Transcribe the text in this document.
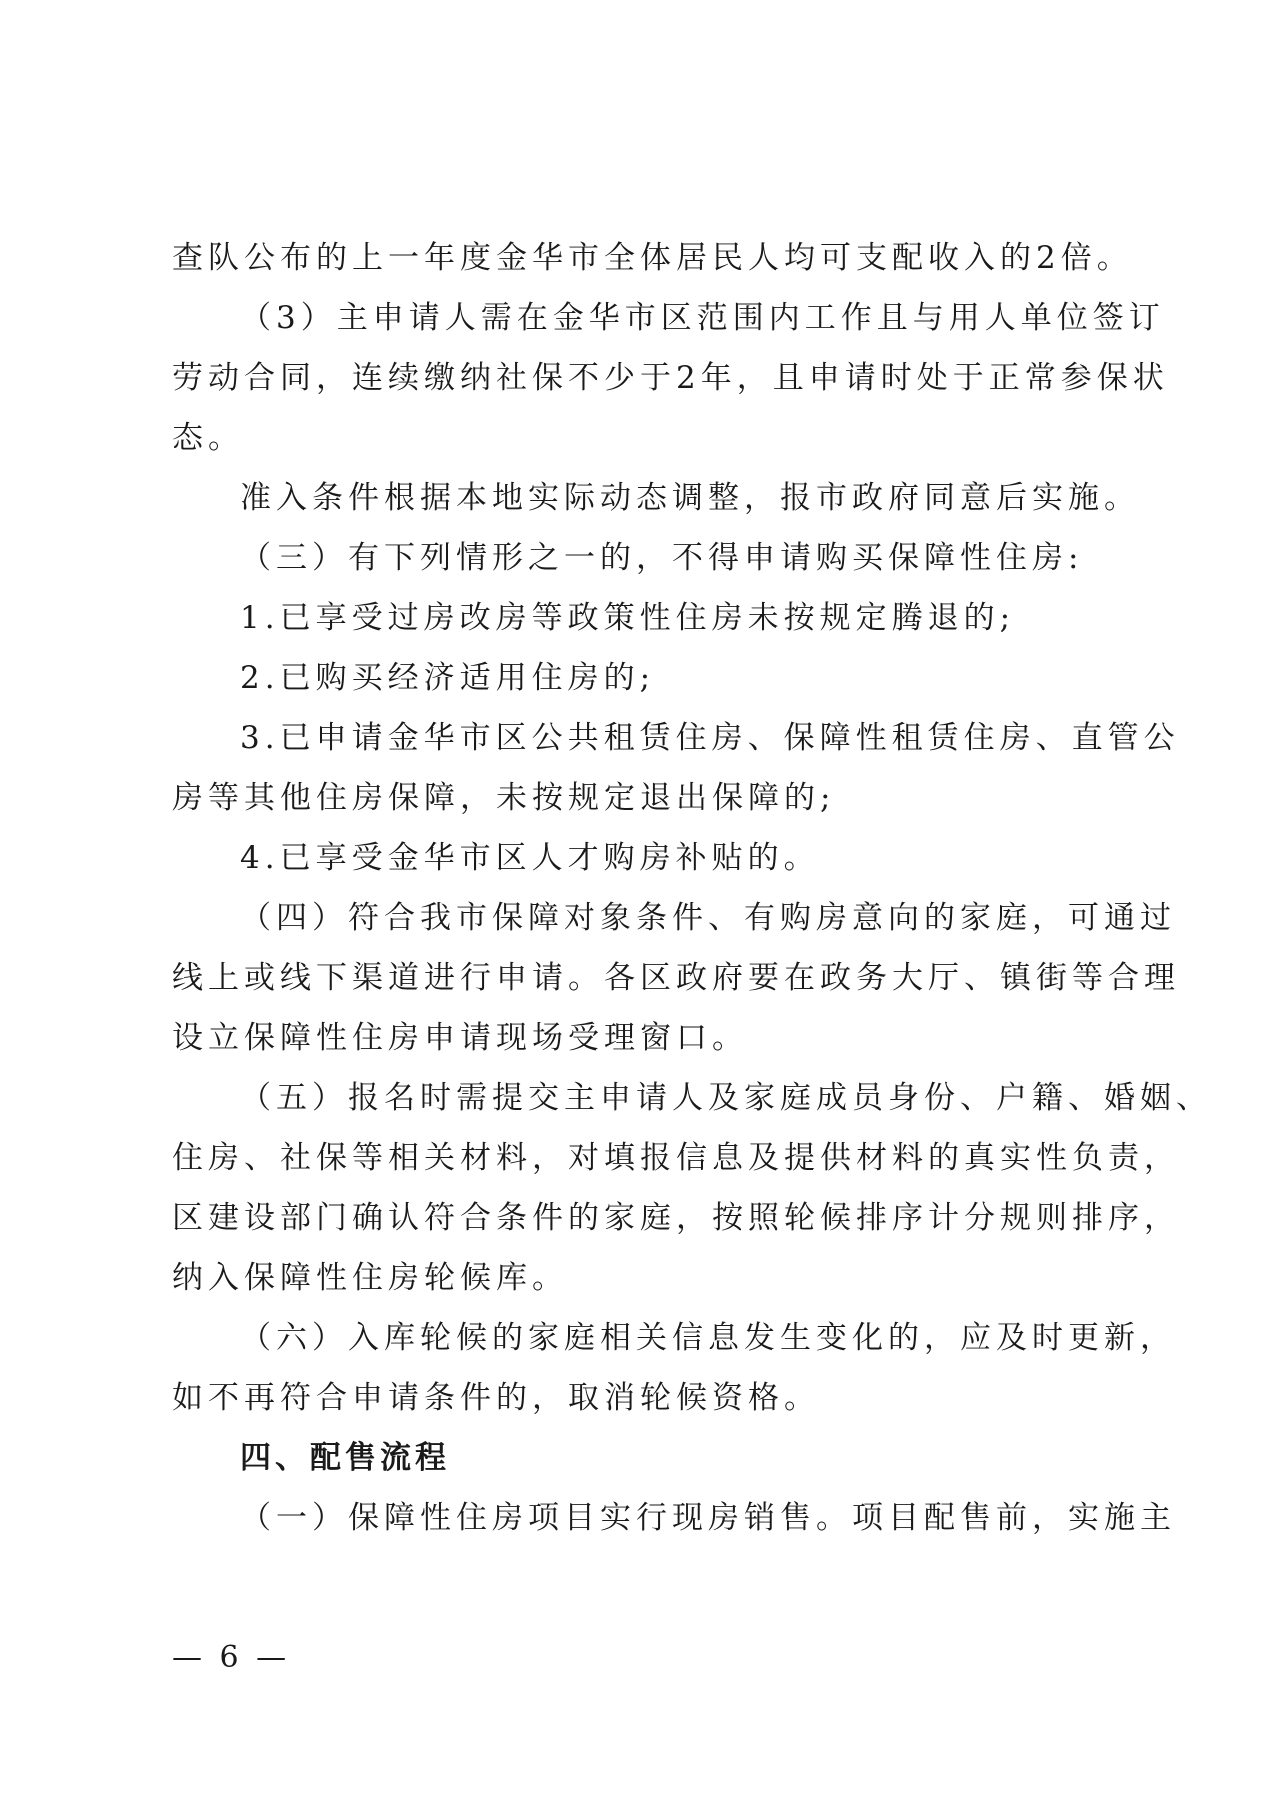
查队公布的上一年度金华市全体居民人均可支配收入的2倍。
（3）主申请人需在金华市区范围内工作且与用人单位签订
劳动合同，连续缴纳社保不少于2年，且申请时处于正常参保状
态。
准入条件根据本地实际动态调整，报市政府同意后实施。
（三）有下列情形之一的，不得申请购买保障性住房:
1.已享受过房改房等政策性住房未按规定腾退的;
2.已购买经济适用住房的;
3.已申请金华市区公共租赁住房、保障性租赁住房、直管公
房等其他住房保障，未按规定退出保障的;
4.已享受金华市区人才购房补贴的。
（四）符合我市保障对象条件、有购房意向的家庭，可通过
线上或线下渠道进行申请。各区政府要在政务大厅、镇街等合理
设立保障性住房申请现场受理窗口。
（五）报名时需提交主申请人及家庭成员身份、户籍、婚姻、
住房、社保等相关材料，对填报信息及提供材料的真实性负责，
区建设部门确认符合条件的家庭，按照轮候排序计分规则排序，
纳入保障性住房轮候库。
（六）入库轮候的家庭相关信息发生变化的，应及时更新，
如不再符合申请条件的，取消轮候资格。
四、配售流程
（一）保障性住房项目实行现房销售。项目配售前，实施主
— 6 —
